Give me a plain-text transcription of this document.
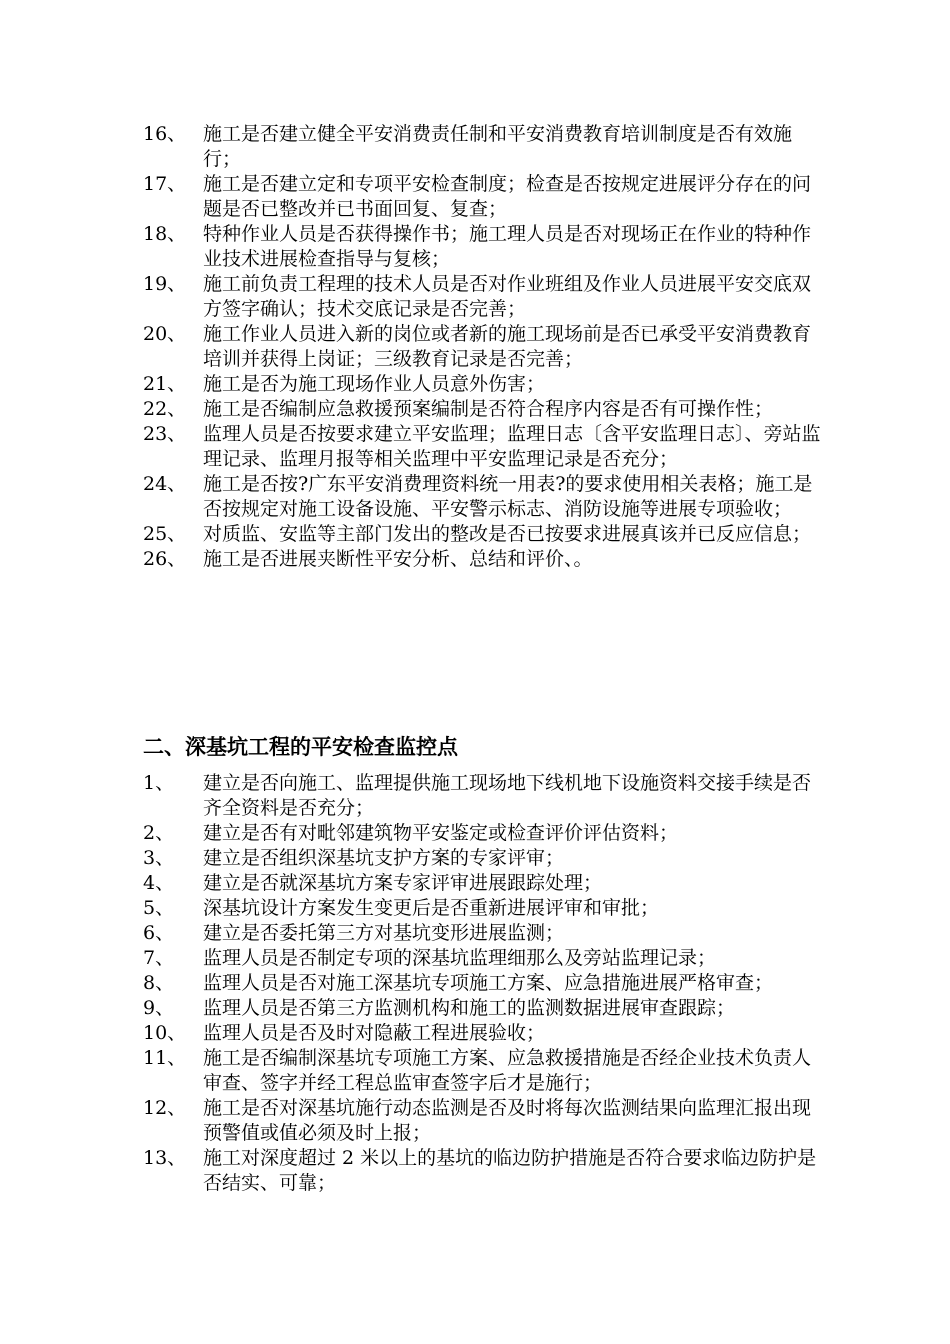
16、 施工是否建立健全平安消费责任制和平安消费教育培训制度是否有效施行；
17、 施工是否建立定和专项平安检查制度；检查是否按规定进展评分存在的问题是否已整改并已书面回复、复查；
18、 特种作业人员是否获得操作书；施工理人员是否对现场正在作业的特种作业技术进展检查指导与复核；
19、 施工前负责工程理的技术人员是否对作业班组及作业人员进展平安交底双方签字确认；技术交底记录是否完善；
20、 施工作业人员进入新的岗位或者新的施工现场前是否已承受平安消费教育培训并获得上岗证；三级教育记录是否完善；
21、 施工是否为施工现场作业人员意外伤害；
22、 施工是否编制应急救援预案编制是否符合程序内容是否有可操作性；
23、 监理人员是否按要求建立平安监理；监理日志〔含平安监理日志〕、旁站监理记录、监理月报等相关监理中平安监理记录是否充分；
24、 施工是否按?广东平安消费理资料统一用表?的要求使用相关表格；施工是否按规定对施工设备设施、平安警示标志、消防设施等进展专项验收；
25、 对质监、安监等主部门发出的整改是否已按要求进展真该并已反应信息；
26、 施工是否进展夹断性平安分析、总结和评价、。
二、深基坑工程的平安检查监控点
1、	建立是否向施工、监理提供施工现场地下线机地下设施资料交接手续是否齐全资料是否充分；
2、	建立是否有对毗邻建筑物平安鉴定或检查评价评估资料；
3、	建立是否组织深基坑支护方案的专家评审；
4、	建立是否就深基坑方案专家评审进展跟踪处理；
5、	深基坑设计方案发生变更后是否重新进展评审和审批；
6、	建立是否委托第三方对基坑变形进展监测；
7、	监理人员是否制定专项的深基坑监理细那么及旁站监理记录；
8、	监理人员是否对施工深基坑专项施工方案、应急措施进展严格审查；
9、	监理人员是否第三方监测机构和施工的监测数据进展审查跟踪；
10、 监理人员是否及时对隐蔽工程进展验收；
11、 施工是否编制深基坑专项施工方案、应急救援措施是否经企业技术负责人审查、签字并经工程总监审查签字后才是施行；
12、 施工是否对深基坑施行动态监测是否及时将每次监测结果向监理汇报出现预警值或值必须及时上报；
13、 施工对深度超过 2 米以上的基坑的临边防护措施是否符合要求临边防护是否结实、可靠；
